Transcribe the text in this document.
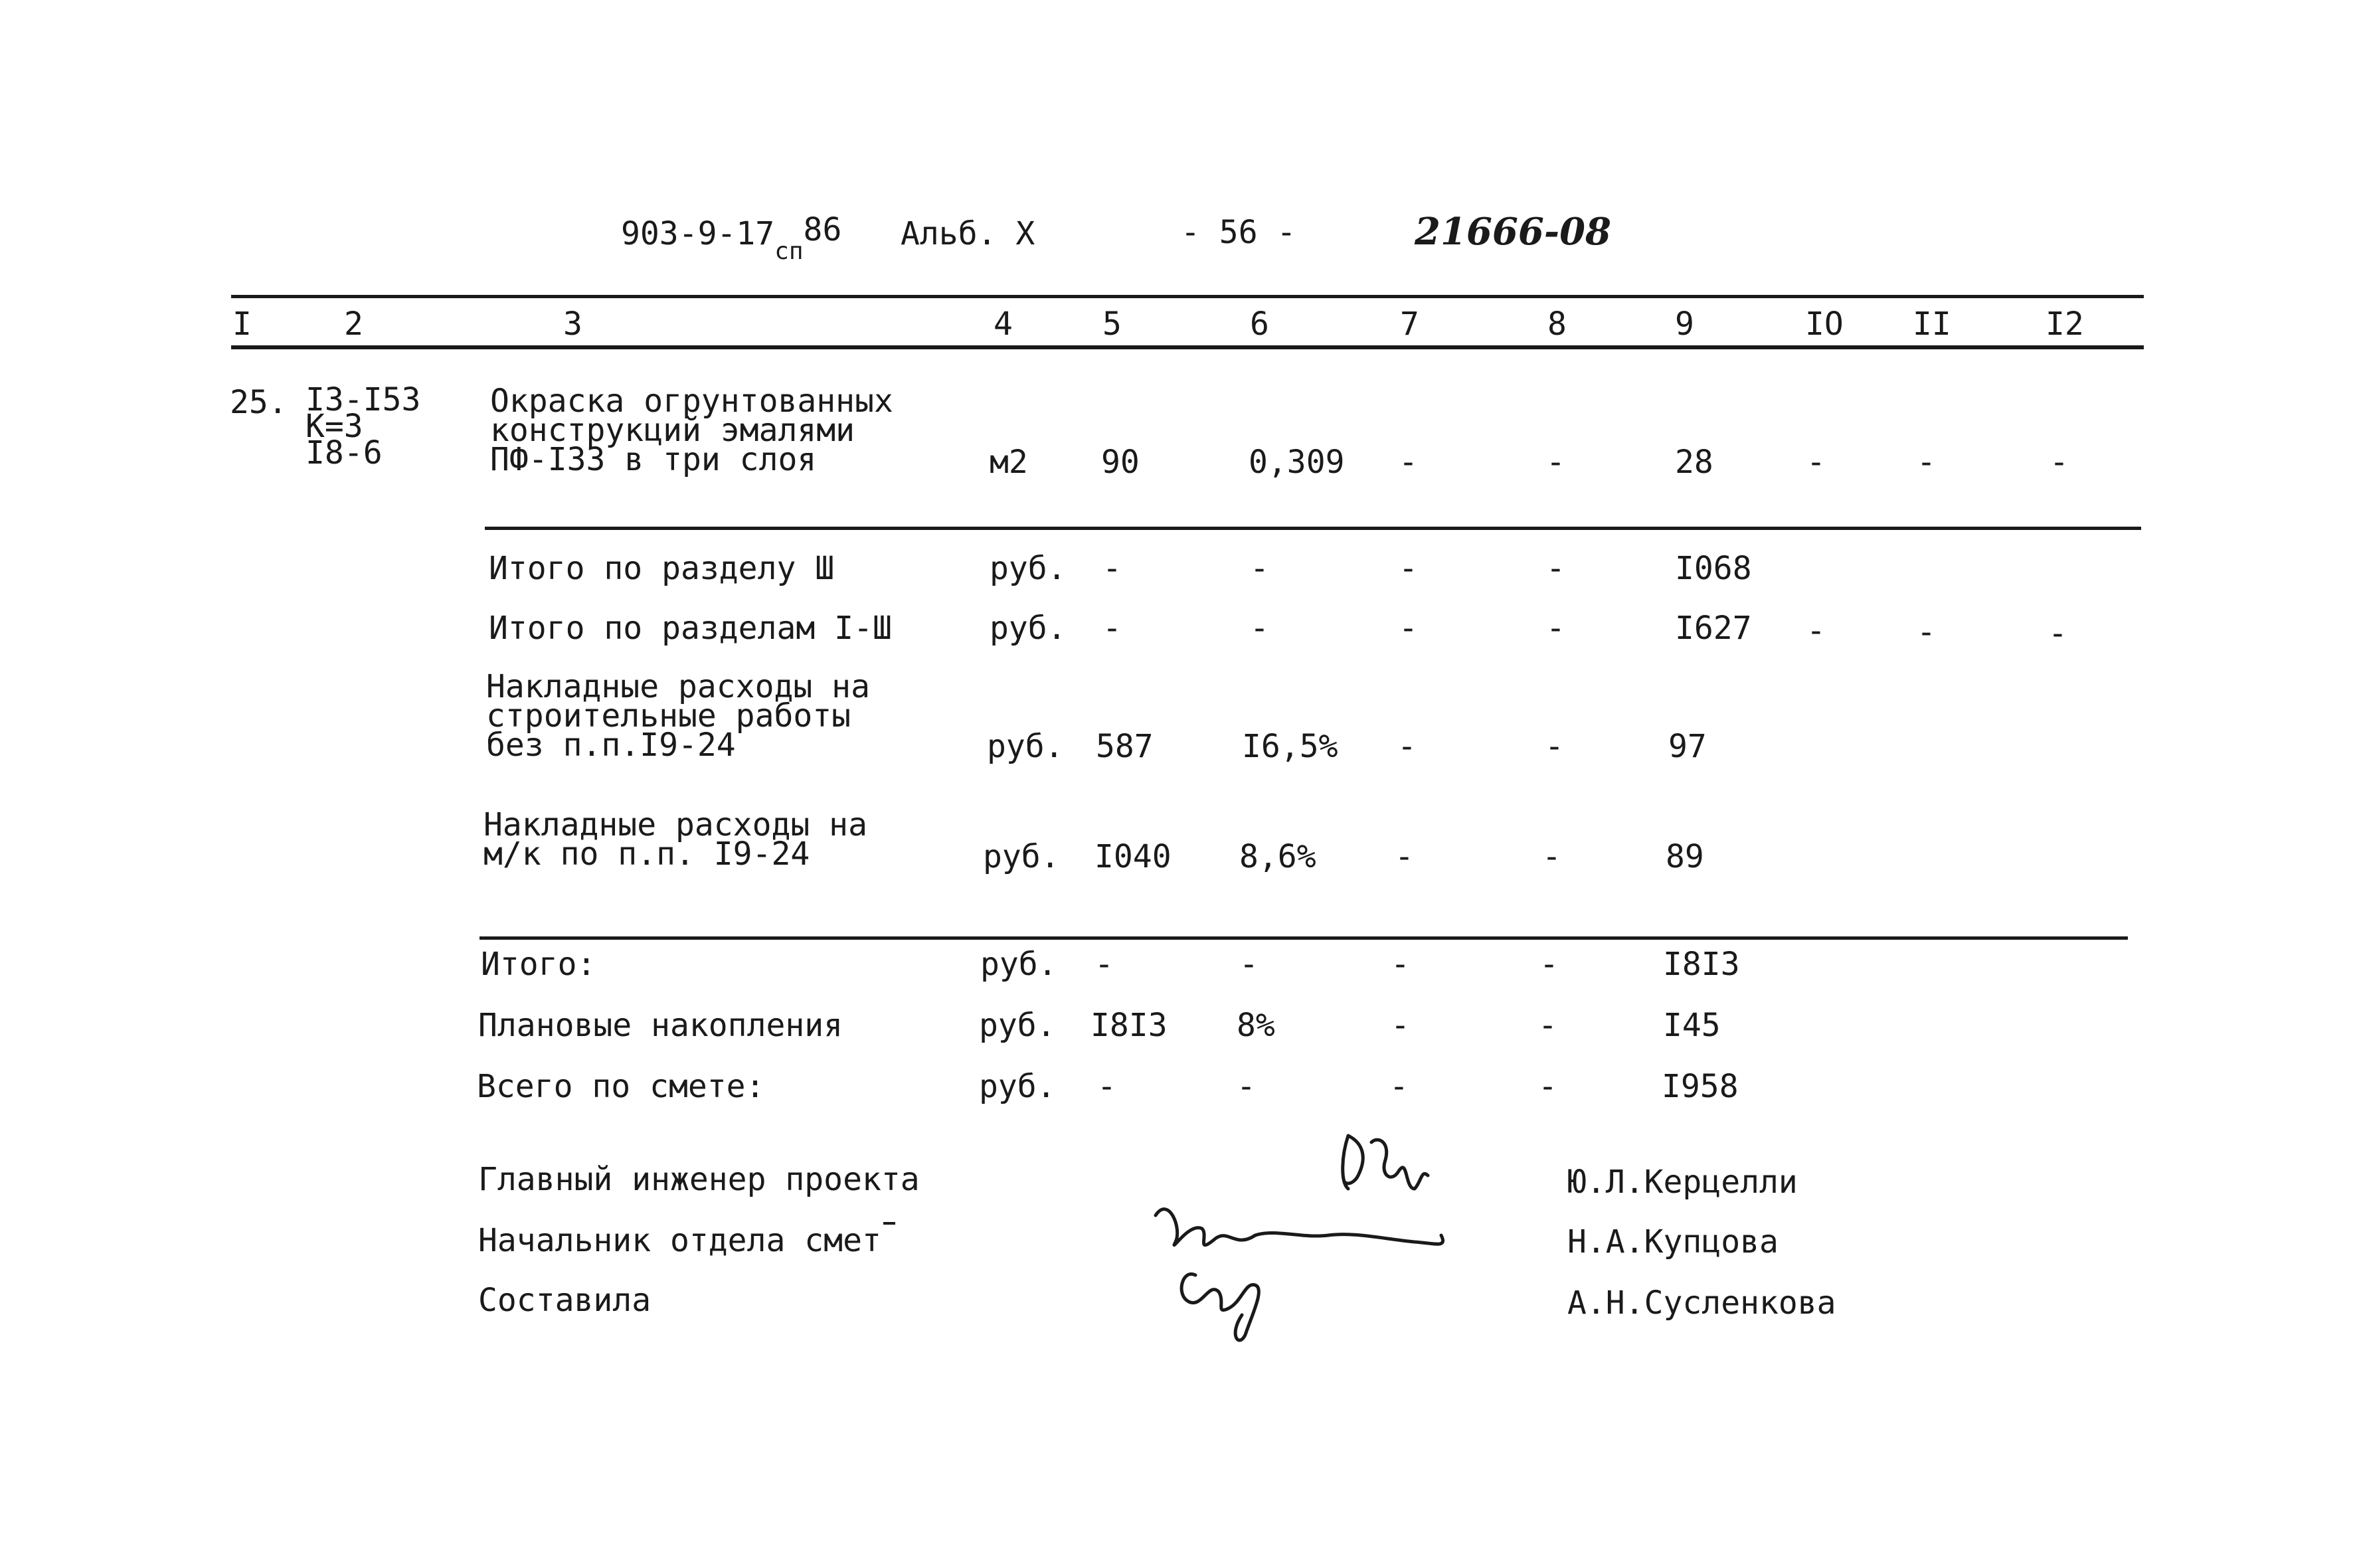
$903-9-17_{сп}86$ Альб. X	- 56 -	21666-08
I	2	3	4	5	6	7	8	9	IO II	I2
25. I3-I53
К=3
I8-6
Окраска огрунтованных
конструкций эмалями
ПФ-I33 в три слоя	м2 90	0,309 -	-	28	-	-	-
Итого по разделу Ш	руб. -	-	-	-	I068
Итого по разделам I-Ш	руб. -	-	-	-	I627 -	-	-
Накладные расходы на
строительные работы
без п.п.I9-24	руб. 587	I6,5% -	-	97
Накладные расходы на
м/к по п.п. I9-24	руб. I040 8,6% -	-	89
Итого:	руб. -	-	-	-	I8I3
Плановые накопления	руб. I8I3 8%	-	-	I45
Всего по смете:	руб. -	-	-	-	I958
Главный инженер проекта
Начальник отдела смет
Составила
Ю.Л.Керцелли
Н.А.Купцова
А.Н.Сусленкова
